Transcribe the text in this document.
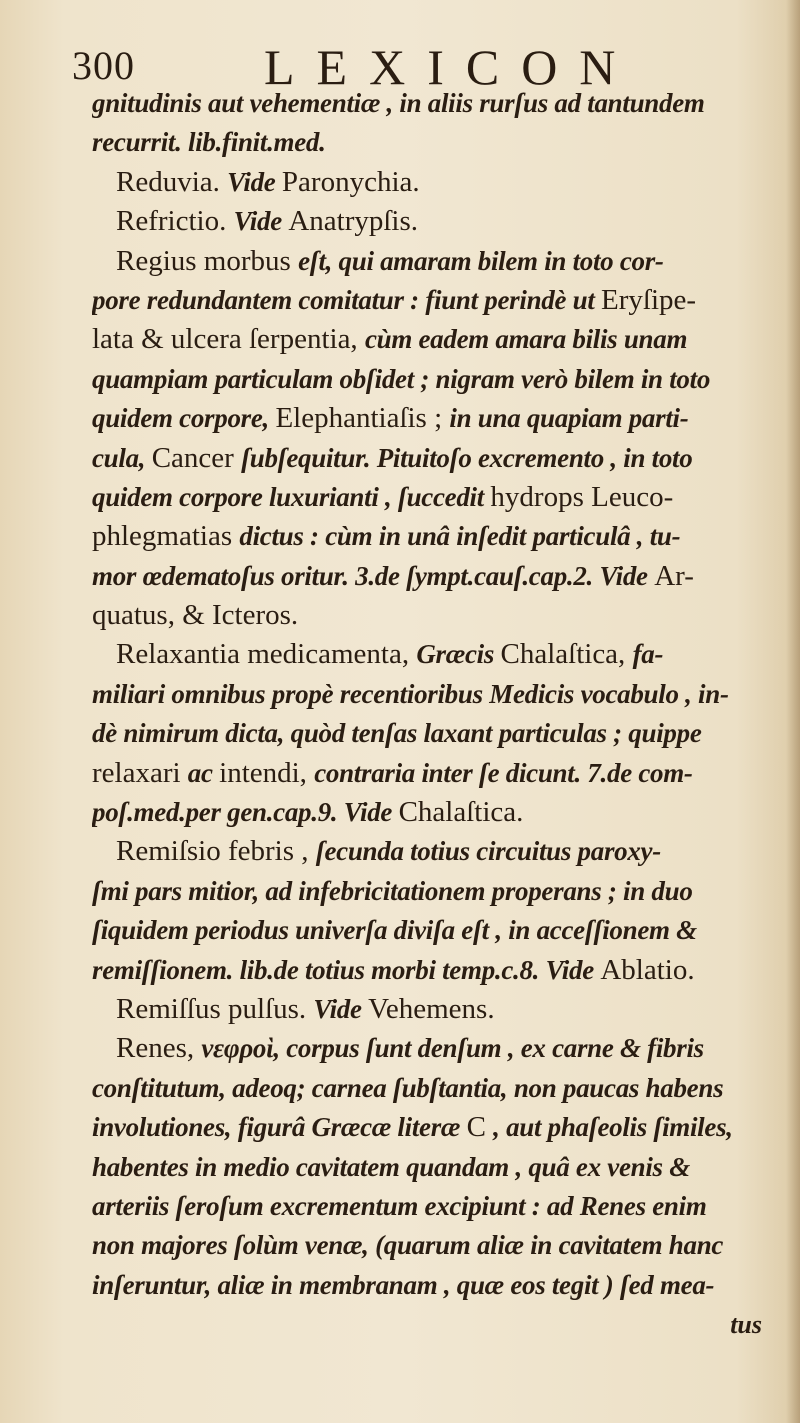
300	LEXICON
gnitudinis aut vehementiæ , in aliis rurſus ad tantundem
recurrit. lib.finit.med.
Reduvia. Vide Paronychia.
Refrictio. Vide Anatrypſis.
Regius morbus eſt, qui amaram bilem in toto cor-
pore redundantem comitatur : fiunt perindè ut Eryſipe-
lata & ulcera ſerpentia, cùm eadem amara bilis unam
quampiam particulam obſidet ; nigram verò bilem in toto
quidem corpore, Elephantiaſis ; in una quapiam parti-
cula, Cancer ſubſequitur. Pituitoſo excremento , in toto
quidem corpore luxurianti , ſuccedit hydrops Leuco-
phlegmatias dictus : cùm in unâ inſedit particulâ , tu-
mor œdematoſus oritur. 3.de ſympt.cauſ.cap.2. Vide Ar-
quatus, & Icteros.
Relaxantia medicamenta, Græcis Chalaſtica, fa-
miliari omnibus propè recentioribus Medicis vocabulo , in-
dè nimirum dicta, quòd tenſas laxant particulas ; quippe
relaxari ac intendi, contraria inter ſe dicunt. 7.de com-
poſ.med.per gen.cap.9. Vide Chalaſtica.
Remiſsio febris , ſecunda totius circuitus paroxy-
ſmi pars mitior, ad infebricitationem properans ; in duo
ſiquidem periodus univerſa diviſa eſt , in acceſſionem &
remiſſionem. lib.de totius morbi temp.c.8. Vide Ablatio.
Remiſſus pulſus. Vide Vehemens.
Renes, νεφροὶ, corpus ſunt denſum , ex carne & fibris
conſtitutum, adeoq; carnea ſubſtantia, non paucas habens
involutiones, figurâ Græcæ literæ C , aut phaſeolis ſimiles,
habentes in medio cavitatem quandam , quâ ex venis &
arteriis ſeroſum excrementum excipiunt : ad Renes enim
non majores ſolùm venæ, (quarum aliæ in cavitatem hanc
inſeruntur, aliæ in membranam , quæ eos tegit ) ſed mea-
tus
